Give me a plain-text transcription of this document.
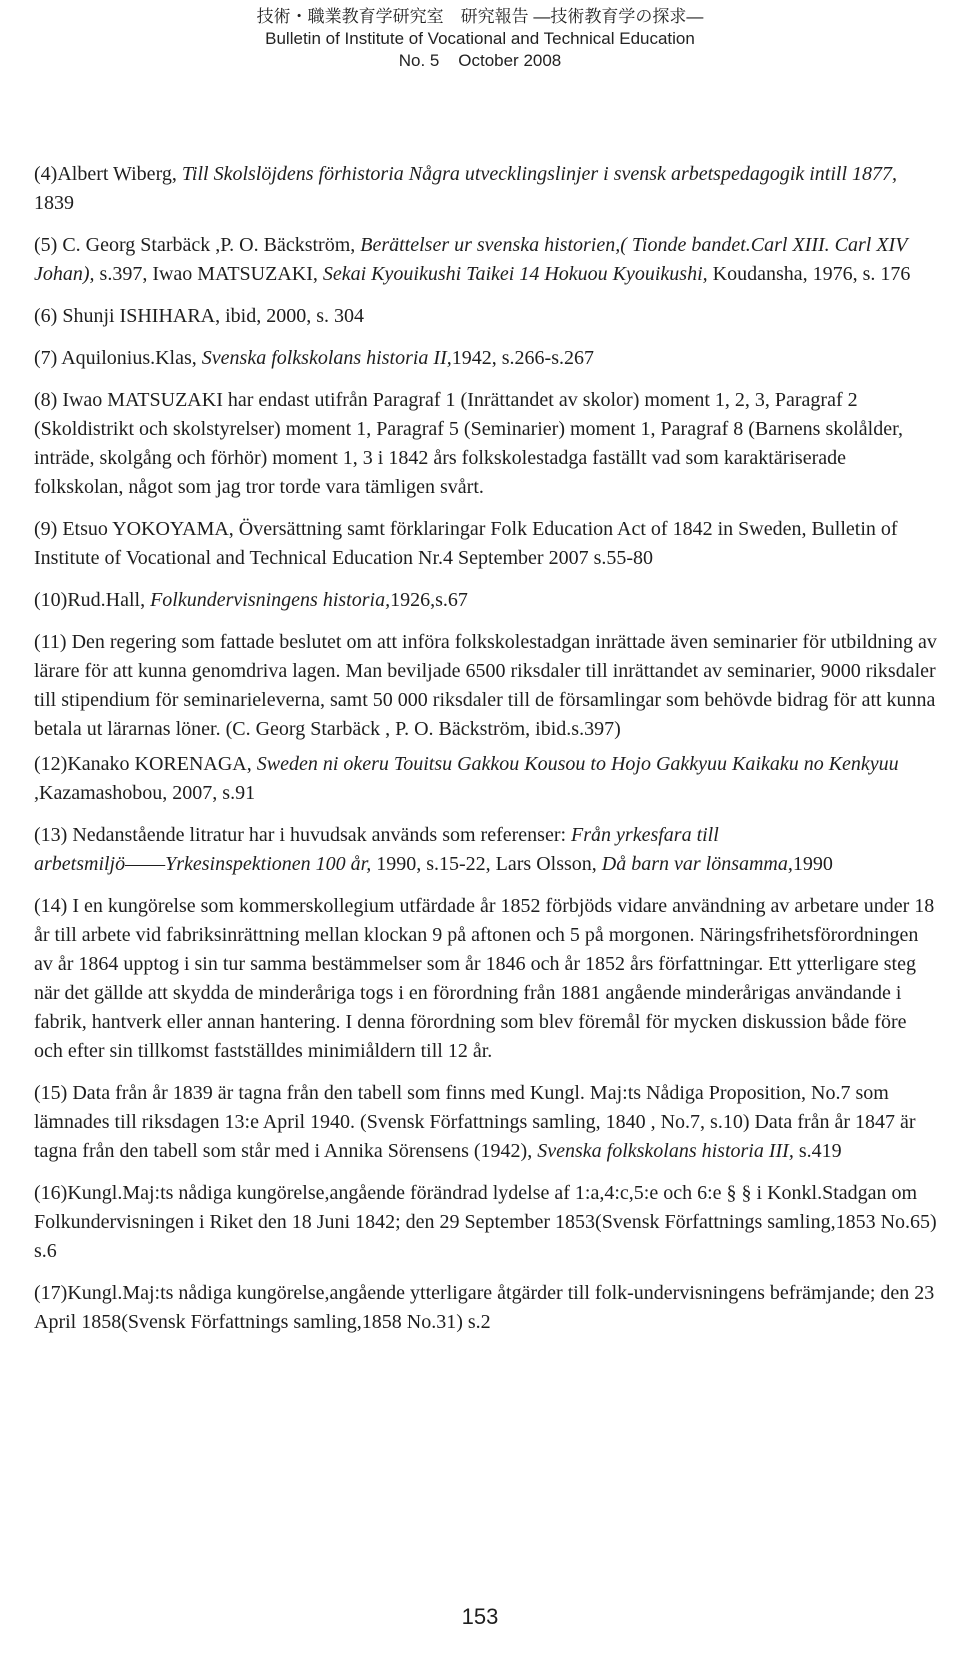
技術・職業教育学研究室　研究報告 ―技術教育学の探求―
Bulletin of Institute of Vocational and Technical Education
No. 5    October 2008

(4)Albert Wiberg, Till Skolslöjdens förhistoria Några utvecklingslinjer i svensk arbetspedagogik intill 1877, 1839

(5) C. Georg Starbäck ,P. O. Bäckström, Berättelser ur svenska historien,( Tionde bandet.Carl XIII. Carl XIV Johan), s.397, Iwao MATSUZAKI, Sekai Kyouikushi Taikei 14 Hokuou Kyouikushi, Koudansha, 1976, s. 176

(6) Shunji ISHIHARA, ibid, 2000, s. 304

(7) Aquilonius.Klas, Svenska folkskolans historia II,1942, s.266-s.267

(8) Iwao MATSUZAKI har endast utifrån Paragraf 1 (Inrättandet av skolor) moment 1, 2, 3, Paragraf 2 (Skoldistrikt och skolstyrelser) moment 1, Paragraf 5 (Seminarier) moment 1, Paragraf 8 (Barnens skolålder, inträde, skolgång och förhör) moment 1, 3 i 1842 års folkskolestadga faställt vad som karaktäriserade folkskolan, något som jag tror torde vara tämligen svårt.

(9) Etsuo YOKOYAMA, Översättning samt förklaringar Folk Education Act of 1842 in Sweden, Bulletin of Institute of Vocational and Technical Education Nr.4 September 2007 s.55-80

(10)Rud.Hall, Folkundervisningens historia,1926,s.67

(11) Den regering som fattade beslutet om att införa folkskolestadgan inrättade även seminarier för utbildning av lärare för att kunna genomdriva lagen. Man beviljade 6500 riksdaler till inrättandet av seminarier, 9000 riksdaler till stipendium för seminarieleverna, samt 50 000 riksdaler till de församlingar som behövde bidrag för att kunna betala ut lärarnas löner. (C. Georg Starbäck , P. O. Bäckström, ibid.s.397)

(12)Kanako KORENAGA, Sweden ni okeru Touitsu Gakkou Kousou to Hojo Gakkyuu Kaikaku no Kenkyuu ,Kazamashobou, 2007, s.91

(13) Nedanstående litratur har i huvudsak används som referenser: Från yrkesfara till arbetsmiljö――Yrkesinspektionen 100 år, 1990, s.15-22, Lars Olsson, Då barn var lönsamma,1990

(14) I en kungörelse som kommerskollegium utfärdade år 1852 förbjöds vidare användning av arbetare under 18 år till arbete vid fabriksinrättning mellan klockan 9 på aftonen och 5 på morgonen. Näringsfrihetsförordningen av år 1864 upptog i sin tur samma bestämmelser som år 1846 och år 1852 års författningar. Ett ytterligare steg när det gällde att skydda de minderåriga togs i en förordning från 1881 angående minderårigas användande i fabrik, hantverk eller annan hantering. I denna förordning som blev föremål för mycken diskussion både före och efter sin tillkomst fastställdes minimiåldern till 12 år.

(15) Data från år 1839 är tagna från den tabell som finns med Kungl. Maj:ts Nådiga Proposition, No.7 som lämnades till riksdagen 13:e April 1940. (Svensk Författnings samling, 1840 , No.7, s.10) Data från år 1847 är tagna från den tabell som står med i Annika Sörensens (1942), Svenska folkskolans historia III, s.419

(16)Kungl.Maj:ts nådiga kungörelse,angående förändrad lydelse af 1:a,4:c,5:e och 6:e § § i Konkl.Stadgan om Folkundervisningen i Riket den 18 Juni 1842; den 29 September 1853(Svensk Författnings samling,1853 No.65) s.6

(17)Kungl.Maj:ts nådiga kungörelse,angående ytterligare åtgärder till folk-undervisningens befrämjande; den 23 April 1858(Svensk Författnings samling,1858 No.31) s.2

153
